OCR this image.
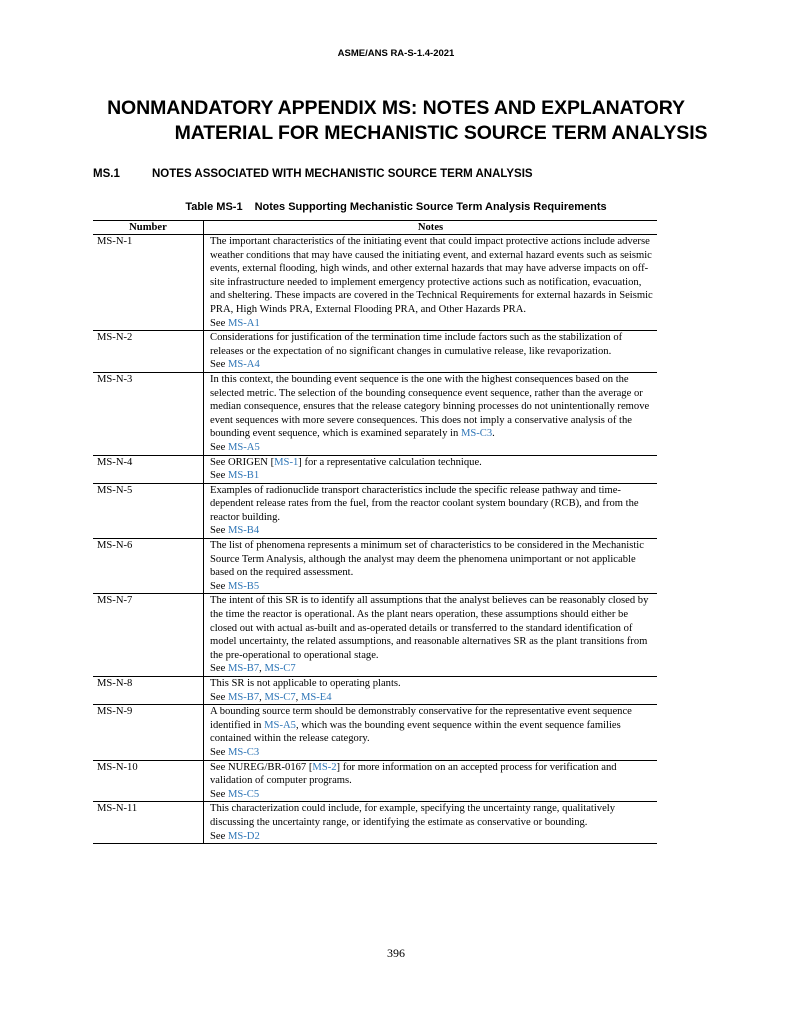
ASME/ANS RA-S-1.4-2021
NONMANDATORY APPENDIX MS: NOTES AND EXPLANATORY
MATERIAL FOR MECHANISTIC SOURCE TERM ANALYSIS
MS.1	NOTES ASSOCIATED WITH MECHANISTIC SOURCE TERM ANALYSIS
Table MS-1 Notes Supporting Mechanistic Source Term Analysis Requirements
Number	Notes
MS-N-1	The important characteristics of the initiating event that could impact protective actions include adverse weather conditions that may have caused the initiating event, and external hazard events such as seismic events, external flooding, high winds, and other external hazards that may have adverse impacts on off-site infrastructure needed to implement emergency protective actions such as notification, evacuation, and sheltering. These impacts are covered in the Technical Requirements for external hazards in Seismic PRA, High Winds PRA, External Flooding PRA, and Other Hazards PRA.
See MS-A1

MS-N-2	Considerations for justification of the termination time include factors such as the stabilization of releases or the expectation of no significant changes in cumulative release, like revaporization.
See MS-A4

MS-N-3	In this context, the bounding event sequence is the one with the highest consequences based on the selected metric. The selection of the bounding consequence event sequence, rather than the average or median consequence, ensures that the release category binning processes do not unintentionally remove event sequences with more severe consequences. This does not imply a conservative analysis of the bounding event sequence, which is examined separately in MS-C3.
See MS-A5

MS-N-4	See ORIGEN [MS-1] for a representative calculation technique.
See MS-B1

MS-N-5	Examples of radionuclide transport characteristics include the specific release pathway and time-dependent release rates from the fuel, from the reactor coolant system boundary (RCB), and from the reactor building.
See MS-B4

MS-N-6	The list of phenomena represents a minimum set of characteristics to be considered in the Mechanistic Source Term Analysis, although the analyst may deem the phenomena unimportant or not applicable based on the required assessment.
See MS-B5

MS-N-7	The intent of this SR is to identify all assumptions that the analyst believes can be reasonably closed by the time the reactor is operational. As the plant nears operation, these assumptions should either be closed out with actual as-built and as-operated details or transferred to the standard identification of model uncertainty, the related assumptions, and reasonable alternatives SR as the plant transitions from the pre-operational to operational stage.
See MS-B7, MS-C7

MS-N-8	This SR is not applicable to operating plants.
See MS-B7, MS-C7, MS-E4

MS-N-9	A bounding source term should be demonstrably conservative for the representative event sequence identified in MS-A5, which was the bounding event sequence within the event sequence families contained within the release category.
See MS-C3

MS-N-10	See NUREG/BR-0167 [MS-2] for more information on an accepted process for verification and validation of computer programs.
See MS-C5

MS-N-11	This characterization could include, for example, specifying the uncertainty range, qualitatively discussing the uncertainty range, or identifying the estimate as conservative or bounding.
See MS-D2
396
